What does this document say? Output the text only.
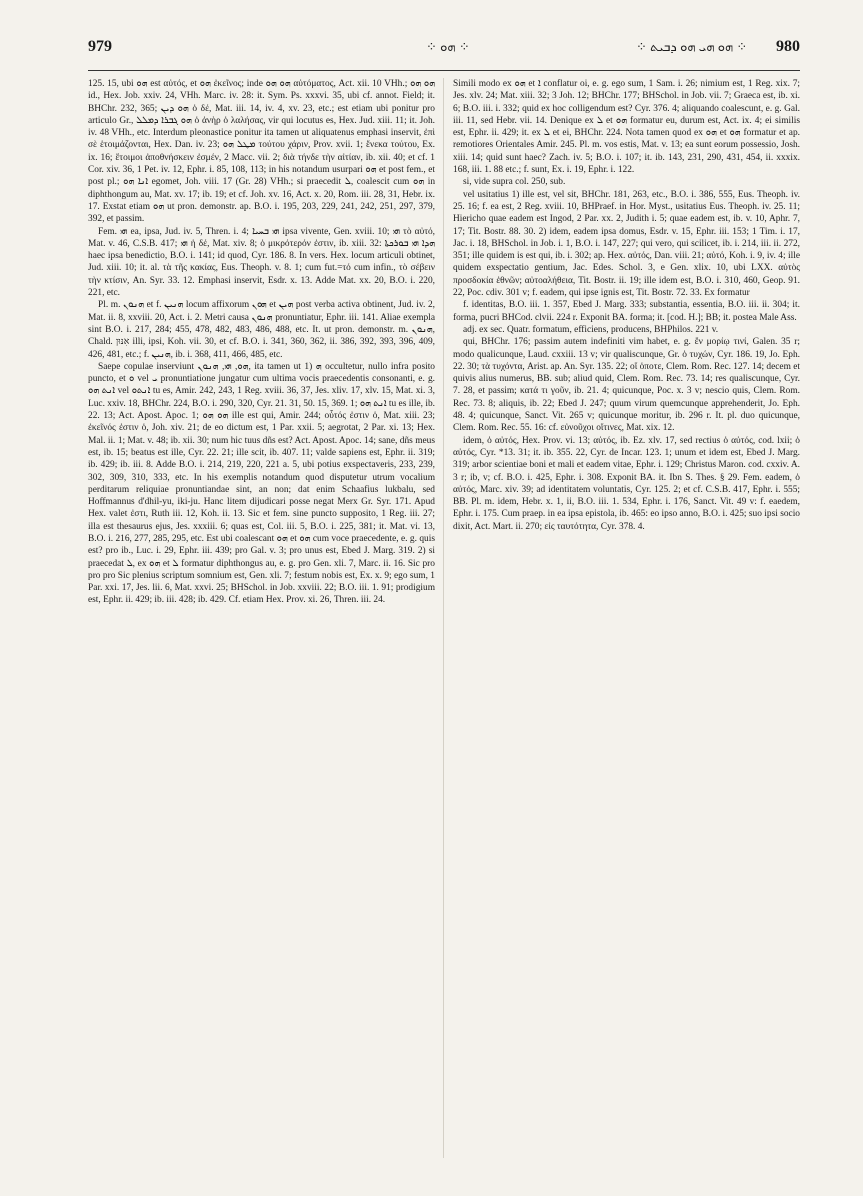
979	⁘ ܗܘ ⁘	⁘ ܗܘ ܗܝ ܗܘ ܕܒܝܬ ⁘ 980

125. 15, ubi ܗܘ est αὐτός, et ܗܘ ἐκεῖνος; inde ܗܘ ܗܘ αὐτόματος, Act. xii. 10 VHh.; ܗܘ ܗܘ id., Hex. Job. xxiv. 24, VHh. Marc. iv. 28: it. Sym. Ps. xxxvi. 35, ubi cf. annot. Field; it. BHChr. 232, 365; ܗܘ ܕܝܢ ὁ δέ, Mat. iii. 14, iv. 4, xv. 23, etc.; est etiam ubi ponitur pro articulo Gr., ܗܘ ܓܒܪܐ ܕܡܠܠ ὁ ἀνὴρ ὁ λαλήσας, vir qui locutus es, Hex. Jud. xiii. 11; it. Joh. iv. 48 VHh., etc. Interdum pleonastice ponitur ita tamen ut aliquatenus emphasi inservit, ἐπὶ σὲ ἑτοιμάζονται, Hex. Dan. iv. 23; ܡܛܠ ܗܘ τούτου χάριν, Prov. xvii. 1; ἕνεκα τούτου, Ex. ix. 16; ἕτοιμοι ἀποθνήσκειν ἐσμέν, 2 Macc. vii. 2; διὰ τήνδε τὴν αἰτίαν, ib. xii. 40; et cf. 1 Cor. xiv. 36, 1 Pet. iv. 12, Ephr. i. 85, 108, 113; in his notandum usurpari ܗܘ et post fem., et post pl.; ܐܢܐ ܗܘ egomet, Joh. viii. 17 (Gr. 28) VHh.; si praecedit ܠ, coalescit cum ܗܘ in diphthongum au, Mat. xv. 17; ib. 19; et cf. Joh. xv. 16, Act. x. 20, Rom. iii. 28, 31, Hebr. ix. 17. Exstat etiam ܗܘ ut pron. demonstr. ap. B.O. i. 195, 203, 229, 241, 242, 251, 297, 379, 392, et passim.

Fem. ܗܝ ea, ipsa, Jud. iv. 5, Thren. i. 4; ܗܝ ܒܚܝܐ ipsa vivente, Gen. xviii. 10; ܗܝ τὸ αὐτό, Mat. v. 46, C.S.B. 417; ܗܝ ἡ δέ, Mat. xiv. 8; ὁ μικρότερόν ἐστιν, ib. xiii. 32: ܗܕܐ ܗܝ ܒܘܪܟܬܐ haec ipsa benedictio, B.O. i. 141; id quod, Cyr. 186. 8. In vers. Hex. locum articuli obtinet, Jud. xiii. 10; it. al. τὰ τῆς κακίας, Eus. Theoph. v. 8. 1; cum fut.=τό cum infin., τὸ σέβειν τὴν κτίσιν, An. Syr. 33. 12. Emphasi inservit, Esdr. x. 13. Adde Mat. xx. 20, B.O. i. 220, 221, etc.

Pl. m. ܗܢܘܢ et f. ܗܢܝܢ locum affixorum ܗܘܢ et ܗܝܢ post verba activa obtinent, Jud. iv. 2, Mat. ii. 8, xxviii. 20, Act. i. 2. Metri causa ܗܢܘܢ pronuntiatur, Ephr. iii. 141. Aliae exempla sint B.O. i. 217, 284; 455, 478, 482, 483, 486, 488, etc. It. ut pron. demonstr. m. ܗܢܘܢ, Chald. אִנּוּן illi, ipsi, Koh. vii. 30, et cf. B.O. i. 341, 360, 362, ii. 386, 392, 393, 396, 409, 426, 481, etc.; f. ܗܢܝܢ, ib. i. 368, 411, 466, 485, etc.

Saepe copulae inserviunt ܗܘ, ܗܝ, ܗܢܘܢ, ita tamen ut 1) ܗ occultetur, nullo infra posito puncto, et ܘ vel ܝ pronuntiatione jungatur cum ultima vocis praecedentis consonanti, e. g. ܐܢܬ ܗܘ vel ܐܢܬܘ tu es, Amir. 242, 243, 1 Reg. xviii. 36, 37, Jes. xliv. 17, xlv. 15, Mat. xi. 3, Luc. xxiv. 18, BHChr. 224, B.O. i. 290, 320, Cyr. 21. 31, 50. 15, 369. 1; ܐܢܬ ܗܘ tu es ille, ib. 22. 13; Act. Apost. Apoc. 1; ܗܘ ܗܘ ille est qui, Amir. 244; οὗτός ἐστιν ὁ, Mat. xiii. 23; ἐκεῖνός ἐστιν ὁ, Joh. xiv. 21; de eo dictum est, 1 Par. xxii. 5; aegrotat, 2 Par. xi. 13; Hex. Mal. ii. 1; Mat. v. 48; ib. xii. 30; num hic tuus dñs est? Act. Apost. Apoc. 14; sane, dñs meus est, ib. 15; beatus est ille, Cyr. 22. 21; ille scit, ib. 407. 11; valde sapiens est, Ephr. ii. 319; ib. 429; ib. iii. 8. Adde B.O. i. 214, 219, 220, 221 a. 5, ubi potius exspectaveris, 233, 239, 302, 309, 310, 333, etc. In his exemplis notandum quod disputetur utrum vocalium perditarum reliquiae pronuntiandae sint, an non; dat enim Schaafius lukbalu, sed Hoffmannus d'dhil-yu, iki-ju. Hanc litem dijudicari posse negat Merx Gr. Syr. 171. Apud Hex. valet ἐστι, Ruth iii. 12, Koh. ii. 13. Sic et fem. sine puncto supposito, 1 Reg. iii. 27; illa est thesaurus ejus, Jes. xxxiii. 6; quas est, Col. iii. 5, B.O. i. 225, 381; it. Mat. vi. 13, B.O. i. 216, 277, 285, 295, etc. Est ubi coalescant ܗܘ et ܗܘ cum voce praecedente, e. g. quis est? pro ib., Luc. i. 29, Ephr. iii. 439; pro Gal. v. 3; pro unus est, Ebed J. Marg. 319. 2) si praecedat ܠ, ex ܗܘ et ܠ formatur diphthongus au, e. g. pro Gen. xli. 7, Marc. ii. 16. Sic pro pro pro Sic plenius scriptum somnium est, Gen. xli. 7; festum nobis est, Ex. x. 9; ego sum, 1 Par. xxi. 17, Jes. lii. 6, Mat. xxvi. 25; BHSchol. in Job. xxviii. 22; B.O. iii. 1. 91; prodigium est, Ephr. ii. 429; ib. iii. 428; ib. 429. Cf. etiam Hex. Prov. xi. 26, Thren. iii. 24.

Simili modo ex ܗܘ et ܐ conflatur oi, e. g. ego sum, 1 Sam. i. 26; nimium est, 1 Reg. xix. 7; Jes. xlv. 24; Mat. xiii. 32; 3 Joh. 12; BHChr. 177; BHSchol. in Job. vii. 7; Graeca est, ib. xi. 6; B.O. iii. i. 332; quid ex hoc colligendum est? Cyr. 376. 4; aliquando coalescunt, e. g. Gal. iii. 11, sed Hebr. vii. 14. Denique ex ܠ et ܗܘ formatur eu, durum est, Act. ix. 4; ei similis est, Ephr. ii. 429; it. ex ܠ et ei, BHChr. 224. Nota tamen quod ex ܗܘ et ܗܘ formatur et ap. remotiores Orientales Amir. 245. Pl. m. vos estis, Mat. v. 13; ea sunt eorum possessio, Josh. xiii. 14; quid sunt haec? Zach. iv. 5; B.O. i. 107; it. ib. 143, 231, 290, 431, 454, ii. xxxix. 168, iii. 1. 88 etc.; f. sunt, Ex. i. 19, Ephr. i. 122.

si, vide supra col. 250, sub.

vel usitatius 1) ille est, vel sit, BHChr. 181, 263, etc., B.O. i. 386, 555, Eus. Theoph. iv. 25. 16; f. ea est, 2 Reg. xviii. 10, BHPraef. in Hor. Myst., usitatius Eus. Theoph. iv. 25. 11; Hiericho quae eadem est Ingod, 2 Par. xx. 2, Judith i. 5; quae eadem est, ib. v. 10, Aphr. 7, 17; Tit. Bostr. 88. 30. 2) idem, eadem ipsa domus, Esdr. v. 15, Ephr. iii. 153; 1 Tim. i. 17, Jac. i. 18, BHSchol. in Job. i. 1, B.O. i. 147, 227; qui vero, qui scilicet, ib. i. 214, iii. ii. 272, 351; ille quidem is est qui, ib. i. 302; ap. Hex. αὐτός, Dan. viii. 21; αὐτό, Koh. i. 9, iv. 4; ille quidem exspectatio gentium, Jac. Edes. Schol. 3, e Gen. xlix. 10, ubi LXX. αὐτὸς προσδοκία ἐθνῶν; αὐτοαλήθεια, Tit. Bostr. ii. 19; ille idem est, B.O. i. 310, 460, Geop. 91. 22, Poc. cdiv. 301 v; f. eadem, qui ipse ignis est, Tit. Bostr. 72. 33. Ex formatur

f. identitas, B.O. iii. 1. 357, Ebed J. Marg. 333; substantia, essentia, B.O. iii. ii. 304; it. forma, pucri BHCod. clvii. 224 r. Exponit BA. forma; it. [cod. H.]; BB; it. postea Male Ass.

adj. ex sec. Quatr. formatum, efficiens, producens, BHPhilos. 221 v.

qui, BHChr. 176; passim autem indefiniti vim habet, e. g. ἔν μορίῳ τινί, Galen. 35 r; modo qualicunque, Laud. cxxiii. 13 v; vir qualiscunque, Gr. ὁ τυχών, Cyr. 186. 19, Jo. Eph. 22. 30; τὰ τυχόντα, Arist. ap. An. Syr. 135. 22; οἵ ὁποτε, Clem. Rom. Rec. 127. 14; decem et quivis alius numerus, BB. sub; aliud quid, Clem. Rom. Rec. 73. 14; res qualiscunque, Cyr. 7. 28, et passim; κατά τι γοῦν, ib. 21. 4; quicunque, Poc. x. 3 v; nescio quis, Clem. Rom. Rec. 73. 8; aliquis, ib. 22; Ebed J. 247; quum virum quemcunque apprehenderit, Jo. Eph. 48. 4; quicunque, Sanct. Vit. 265 v; quicunque moritur, ib. 296 r. It. pl. duo quicunque, Clem. Rom. Rec. 55. 16: cf. εὐνοῦχοι οἵτινες, Mat. xix. 12.

idem, ὁ αὐτός, Hex. Prov. vi. 13; αὐτός, ib. Ez. xlv. 17, sed rectius ὁ αὐτός, cod. lxii; ὁ αὐτός, Cyr. *13. 31; it. ib. 355. 22, Cyr. de Incar. 123. 1; unum et idem est, Ebed J. Marg. 319; arbor scientiae boni et mali et eadem vitae, Ephr. i. 129; Christus Maron. cod. cxxiv. A. 3 r; ib, v; cf. B.O. i. 425, Ephr. i. 308. Exponit BA. it. Ibn S. Thes. § 29. Fem. eadem, ὁ αὐτός, Marc. xiv. 39; ad identitatem voluntatis, Cyr. 125. 2; et cf. C.S.B. 417, Ephr. i. 555; BB. Pl. m. idem, Hebr. x. 1, ii, B.O. iii. 1. 534, Ephr. i. 176, Sanct. Vit. 49 v: f. eaedem, Ephr. i. 175. Cum praep. in ea ipsa epistola, ib. 465: eo ipso anno, B.O. i. 425; suo ipsi socio dixit, Act. Mart. ii. 270; εἰς ταυτότητα, Cyr. 378. 4.
